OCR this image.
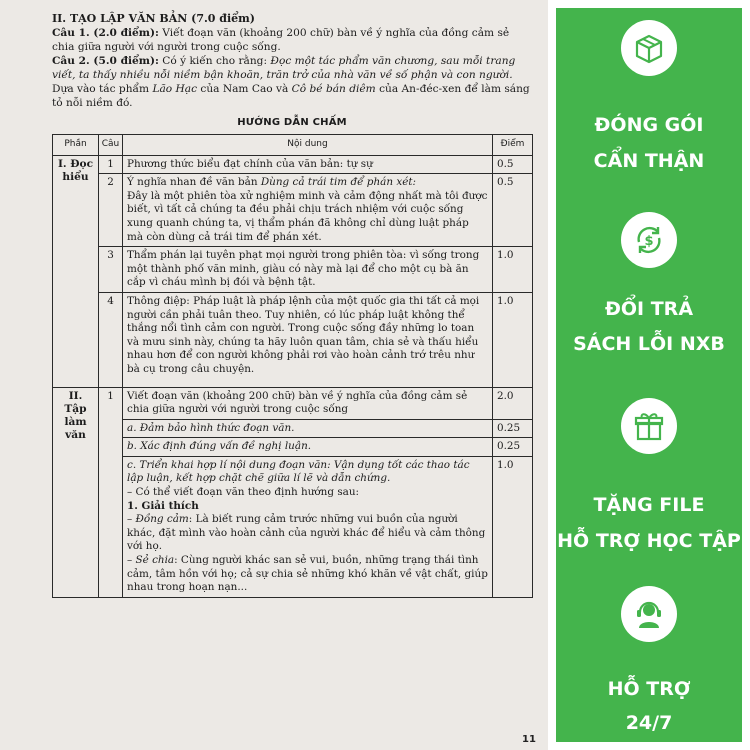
II. TẠO LẬP VĂN BẢN (7.0 điểm)

Câu 1. (2.0 điểm): Viết đoạn văn (khoảng 200 chữ) bàn về ý nghĩa của đồng cảm sẻ chia giữa người với người trong cuộc sống.

Câu 2. (5.0 điểm): Có ý kiến cho rằng: Đọc một tác phẩm văn chương, sau mỗi trang viết, ta thấy nhiều nỗi niềm bận khoăn, trăn trở của nhà văn về số phận và con người. Dựa vào tác phẩm Lão Hạc của Nam Cao và Cô bé bán diêm của An-đéc-xen để làm sáng tỏ nỗi niềm đó.

HƯỚNG DẪN CHẤM
Phần	Câu	Nội dung	Điểm
I. Đọc hiểu	1	Phương thức biểu đạt chính của văn bản: tự sự	0.5
	2	Ý nghĩa nhan đề văn bản Dùng cả trái tim để phán xét:
Đây là một phiên tòa xử nghiệm minh và cảm động nhất mà tôi được biết, vì tất cả chúng ta đều phải chịu trách nhiệm với cuộc sống xung quanh chúng ta, vị thẩm phán đã không chỉ dùng luật pháp mà còn dùng cả trái tim để phán xét.	0.5
	3	Thẩm phán lại tuyên phạt mọi người trong phiên tòa: vì sống trong một thành phố văn minh, giàu có này mà lại để cho một cụ bà ăn cắp vì cháu mình bị đói và bệnh tật.	1.0
	4	Thông điệp: Pháp luật là pháp lệnh của một quốc gia thi tất cả mọi người cần phải tuân theo. Tuy nhiên, có lúc pháp luật không thể thắng nổi tình cảm con người. Trong cuộc sống đầy những lo toan và mưu sinh này, chúng ta hãy luôn quan tâm, chia sẻ và thấu hiểu nhau hơn để con người không phải rơi vào hoàn cảnh trớ trêu như bà cụ trong câu chuyện.	1.0
II. Tập làm văn	1	Viết đoạn văn (khoảng 200 chữ) bàn về ý nghĩa của đồng cảm sẻ chia giữa người với người trong cuộc sống	2.0
		a. Đảm bảo hình thức đoạn văn.	0.25
		b. Xác định đúng vấn đề nghị luận.	0.25

		c. Triển khai hợp lí nội dung đoạn văn: Vận dụng tốt các thao tác lập luận, kết hợp chặt chẽ giữa lí lẽ và dẫn chứng.
– Có thể viết đoạn văn theo định hướng sau:
1. Giải thích
– Đồng cảm: Là biết rung cảm trước những vui buồn của người khác, đặt mình vào hoàn cảnh của người khác để hiểu và cảm thông với họ.
– Sẻ chia: Cùng người khác san sẻ vui, buồn, những trạng thái tình cảm, tâm hồn với họ; cả sự chia sẻ những khó khăn về vật chất, giúp nhau trong hoạn nạn...	1.0
11
ĐÓNG GÓI
CẨN THẬN
$
ĐỔI TRẢ
SÁCH LỖI NXB
TẶNG FILE
HỖ TRỢ HỌC TẬP
HỖ TRỢ
24/7
